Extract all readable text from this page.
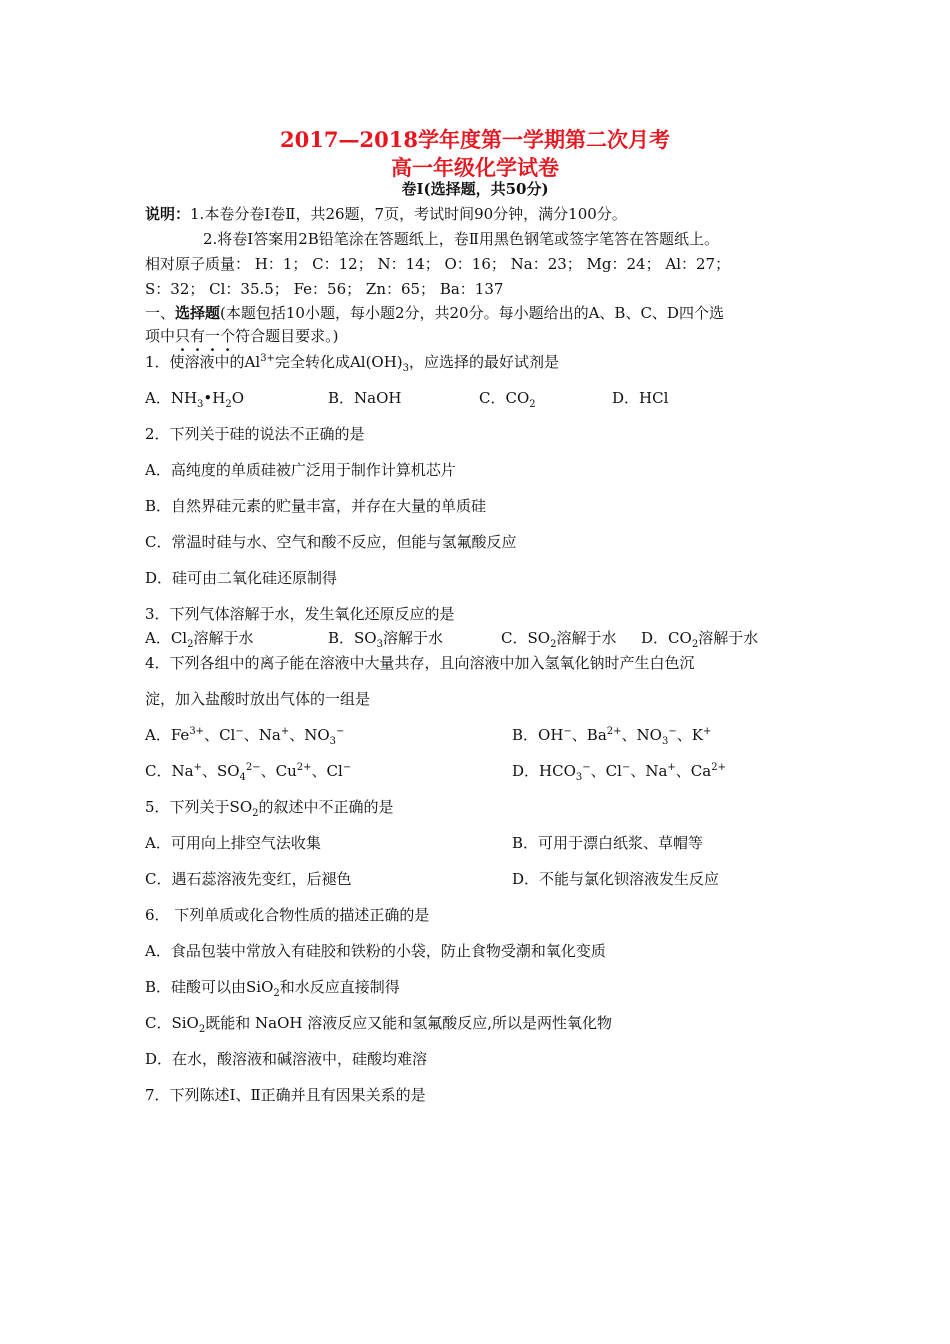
2017—2018学年度第一学期第二次月考
高一年级化学试卷
卷Ⅰ(选择题，共50分)
说明：1.本卷分卷Ⅰ卷Ⅱ，共26题，7页，考试时间90分钟，满分100分。
2.将卷Ⅰ答案用2B铅笔涂在答题纸上，卷Ⅱ用黑色钢笔或签字笔答在答题纸上。
相对原子质量： H：1； C：12； N：14； O：16； Na：23； Mg：24； Al：27；
S：32； Cl：35.5； Fe：56； Zn：65； Ba：137
一、选择题(本题包括10小题，每小题2分，共20分。每小题给出的A、B、C、D四个选
项中只有一个符合题目要求。)
1．使溶液中的$Al^{3+}$完全转化成$Al(OH)_3$，应选择的最好试剂是
A．$NH_3•H_2O$	B．NaOH	C．$CO_2$	D．HCl
2．下列关于硅的说法不正确的是
A．高纯度的单质硅被广泛用于制作计算机芯片
B．自然界硅元素的贮量丰富，并存在大量的单质硅
C．常温时硅与水、空气和酸不反应，但能与氢氟酸反应
D．硅可由二氧化硅还原制得
3．下列气体溶解于水，发生氧化还原反应的是
A．$Cl_2$溶解于水	B．$SO_3$溶解于水	C．$SO_2$溶解于水 D．$CO_2$溶解于水
4．下列各组中的离子能在溶液中大量共存，且向溶液中加入氢氧化钠时产生白色沉
淀，加入盐酸时放出气体的一组是
A．$Fe^{3+}$、Cl−、Na+、$NO_3^-$	B．OH−、$Ba^{2+}$、$NO_3^-$、K+
C．Na+、$SO_4^{2-}$、$Cu^{2+}$、Cl−	D．$HCO_3^-$、Cl−、Na+、$Ca^{2+}$
5．下列关于$SO_2$的叙述中不正确的是
A．可用向上排空气法收集	B．可用于漂白纸浆、草帽等
C．遇石蕊溶液先变红，后褪色	D．不能与氯化钡溶液发生反应
6． 下列单质或化合物性质的描述正确的是
A．食品包装中常放入有硅胶和铁粉的小袋，防止食物受潮和氧化变质
B．硅酸可以由SiO$_2$和水反应直接制得
C．SiO$_2$既能和 NaOH 溶液反应又能和氢氟酸反应,所以是两性氧化物
D．在水，酸溶液和碱溶液中，硅酸均难溶
7．下列陈述Ⅰ、Ⅱ正确并且有因果关系的是
